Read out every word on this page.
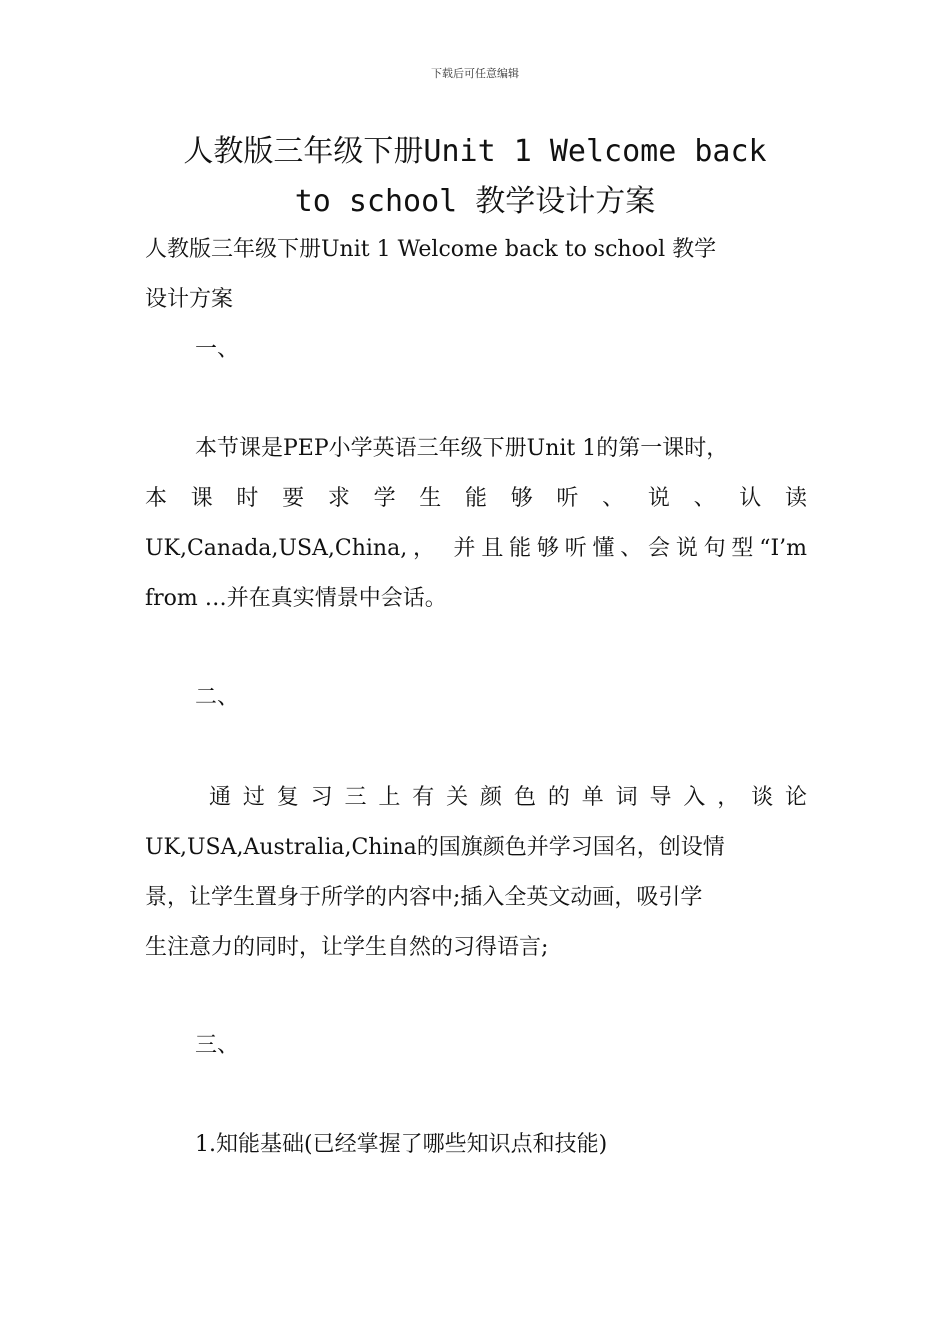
下载后可任意编辑
人教版三年级下册Unit 1 Welcome back
to school 教学设计方案
人教版三年级下册Unit 1 Welcome back to school 教学
设计方案
一、
本节课是PEP小学英语三年级下册Unit 1的第一课时，
本 课 时 要 求 学 生 能 够 听 、 说 、 认 读
UK,Canada,USA,China,， 并且能够听懂、会说句型“I’m
from …并在真实情景中会话。
二、
通 过 复 习 三 上 有 关 颜 色 的 单 词 导 入 ， 谈 论
UK,USA,Australia,China的国旗颜色并学习国名，创设情
景，让学生置身于所学的内容中;插入全英文动画，吸引学
生注意力的同时，让学生自然的习得语言;
三、
1.知能基础(已经掌握了哪些知识点和技能)
